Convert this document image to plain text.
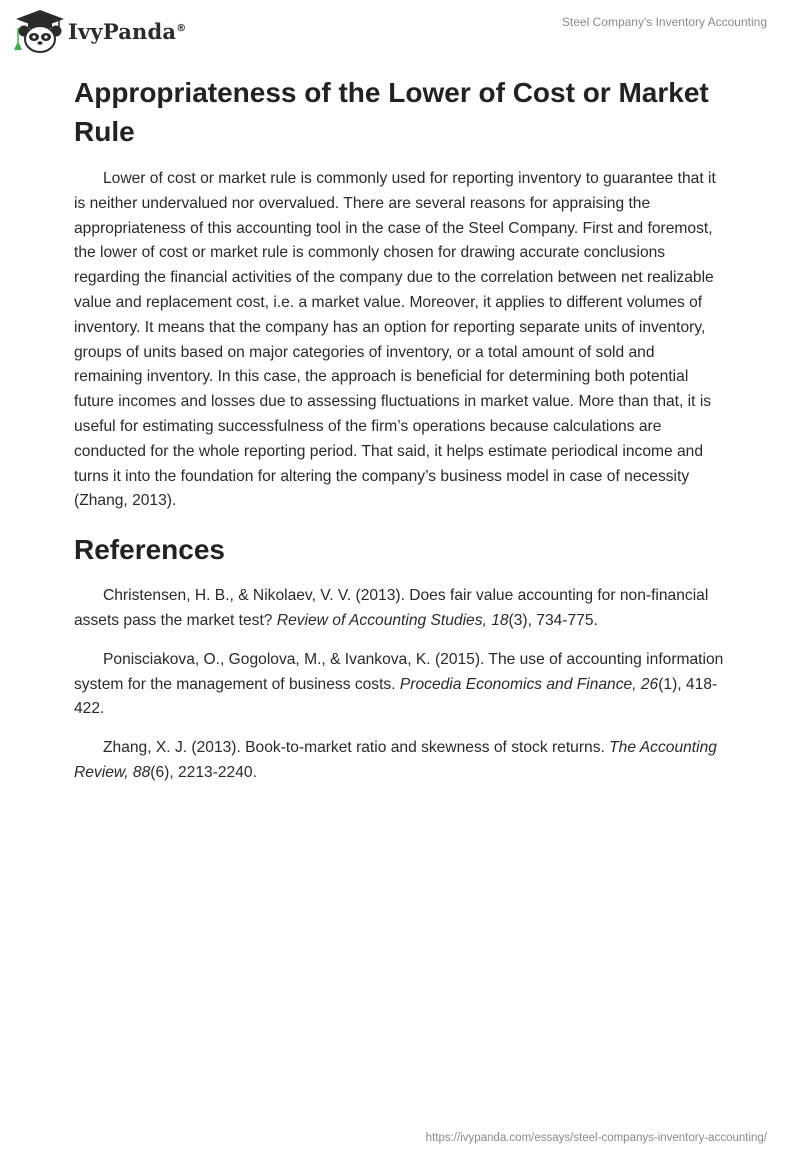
IvyPanda®	Steel Company's Inventory Accounting
Appropriateness of the Lower of Cost or Market Rule

Lower of cost or market rule is commonly used for reporting inventory to guarantee that it is neither undervalued nor overvalued. There are several reasons for appraising the appropriateness of this accounting tool in the case of the Steel Company. First and foremost, the lower of cost or market rule is commonly chosen for drawing accurate conclusions regarding the financial activities of the company due to the correlation between net realizable value and replacement cost, i.e. a market value. Moreover, it applies to different volumes of inventory. It means that the company has an option for reporting separate units of inventory, groups of units based on major categories of inventory, or a total amount of sold and remaining inventory. In this case, the approach is beneficial for determining both potential future incomes and losses due to assessing fluctuations in market value. More than that, it is useful for estimating successfulness of the firm’s operations because calculations are conducted for the whole reporting period. That said, it helps estimate periodical income and turns it into the foundation for altering the company’s business model in case of necessity (Zhang, 2013).

References

Christensen, H. B., & Nikolaev, V. V. (2013). Does fair value accounting for non-financial assets pass the market test? Review of Accounting Studies, 18(3), 734-775.

Ponisciakova, O., Gogolova, M., & Ivankova, K. (2015). The use of accounting information system for the management of business costs. Procedia Economics and Finance, 26(1), 418-422.

Zhang, X. J. (2013). Book-to-market ratio and skewness of stock returns. The Accounting Review, 88(6), 2213-2240.

https://ivypanda.com/essays/steel-companys-inventory-accounting/
